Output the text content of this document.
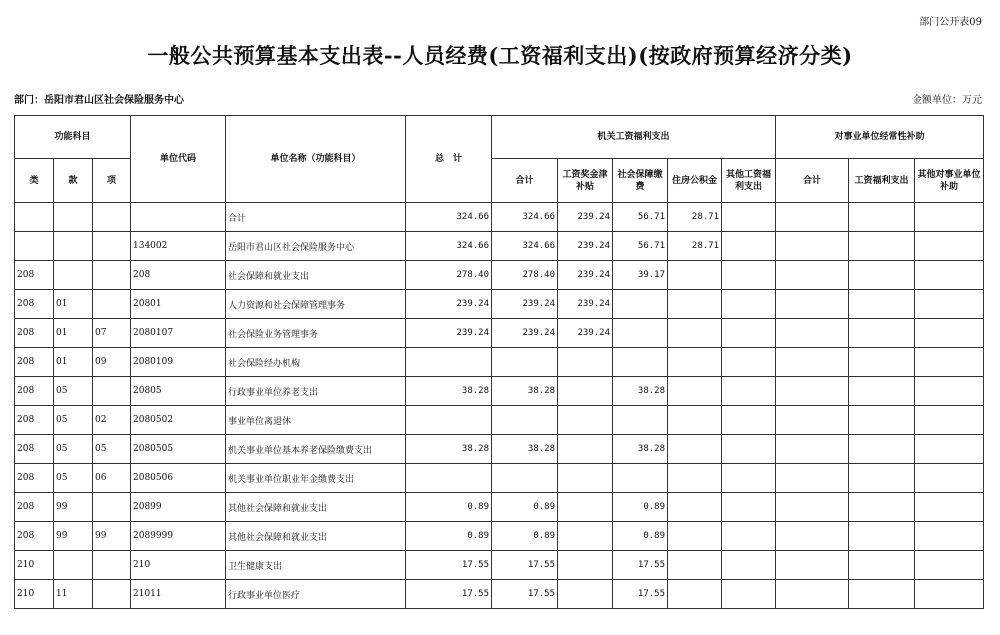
部门公开表09
一般公共预算基本支出表--人员经费(工资福利支出)(按政府预算经济分类)
部门：岳阳市君山区社会保险服务中心	金额单位：万元
功能科目			单位代码	单位名称（功能科目）	总　计	机关工资福利支出					对事业单位经常性补助		
类	款	项				合计	工资奖金津补贴	社会保障缴费	住房公积金	其他工资福利支出	合计	工资福利支出	其他对事业单位补助
				合计	324.66	324.66	239.24	56.71	28.71				
			134002	岳阳市君山区社会保险服务中心	324.66	324.66	239.24	56.71	28.71				
208			208	社会保障和就业支出	278.40	278.40	239.24	39.17					
208	01		20801	人力资源和社会保障管理事务	239.24	239.24	239.24						
208	01	07	2080107	社会保险业务管理事务	239.24	239.24	239.24						
208	01	09	2080109	社会保险经办机构									
208	05		20805	行政事业单位养老支出	38.28	38.28		38.28					
208	05	02	2080502	事业单位离退休									
208	05	05	2080505	机关事业单位基本养老保险缴费支出	38.28	38.28		38.28					
208	05	06	2080506	机关事业单位职业年金缴费支出									
208	99		20899	其他社会保障和就业支出	0.89	0.89		0.89					
208	99	99	2089999	其他社会保障和就业支出	0.89	0.89		0.89					
210			210	卫生健康支出	17.55	17.55		17.55					
210	11		21011	行政事业单位医疗	17.55	17.55		17.55					
